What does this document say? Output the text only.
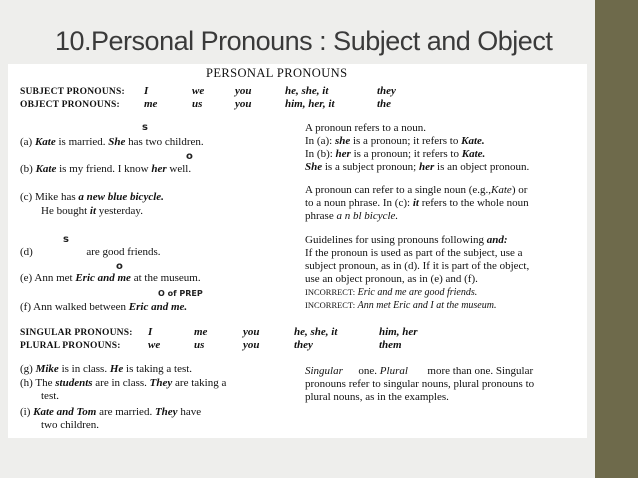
10.Personal Pronouns : Subject and Object
PERSONAL PRONOUNS
SUBJECT PRONOUNS: I	we	you	he, she, it	they
OBJECT PRONOUNS: me	us	you	him, her, it	the
s
o
s
o
O of PREP
(a) Kate is married. She has two children.
(b) Kate is my friend. I know her well.
(c) Mike has a new blue bicycle.
He bought it yesterday.
(d)	are good friends.
(e) Ann met Eric and me at the museum.
(f) Ann walked between Eric and me.
A pronoun refers to a noun.
In (a): she is a pronoun; it refers to Kate.
In (b): her is a pronoun; it refers to Kate.
She is a subject pronoun; her is an object pronoun.
A pronoun can refer to a single noun (e.g.,Kate) or
to a noun phrase. In (c): it refers to the whole noun
phrase a n bl bicycle.
Guidelines for using pronouns following and:
If the pronoun is used as part of the subject, use a
subject pronoun, as in (d). If it is part of the object,
use an object pronoun, as in (e) and (f).
INCORRECT: Eric and me are good friends.
INCORRECT: Ann met Eric and I at the museum.
SINGULAR PRONOUNS: I	me	you	he, she, it	him, her
PLURAL PRONOUNS: we	us	you	they	them
(g) Mike is in class. He is taking a test.
(h) The students are in class. They are taking a
test.
(i) Kate and Tom are married. They have
two children.
Singular one. Plural more than one. Singular
pronouns refer to singular nouns, plural pronouns to
plural nouns, as in the examples.
